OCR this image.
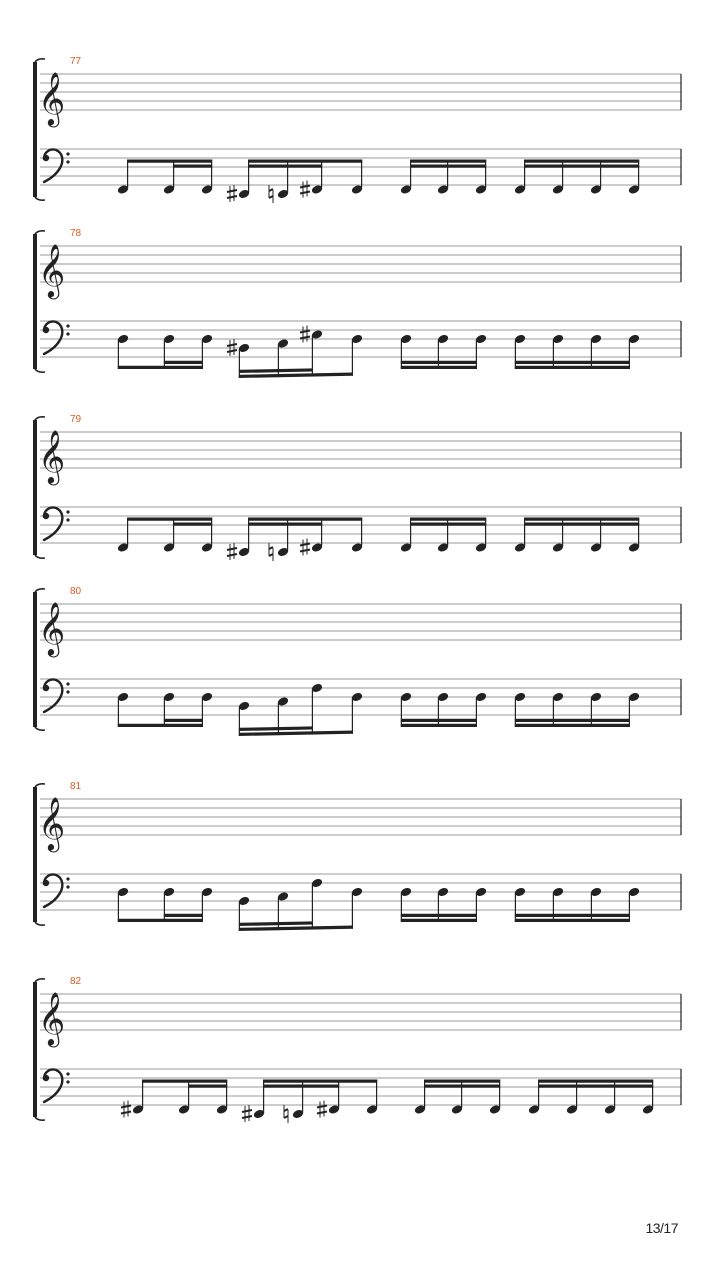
77
𝄞
78
𝄞
79
𝄞
80
𝄞
81
𝄞
82
𝄞
13/17
